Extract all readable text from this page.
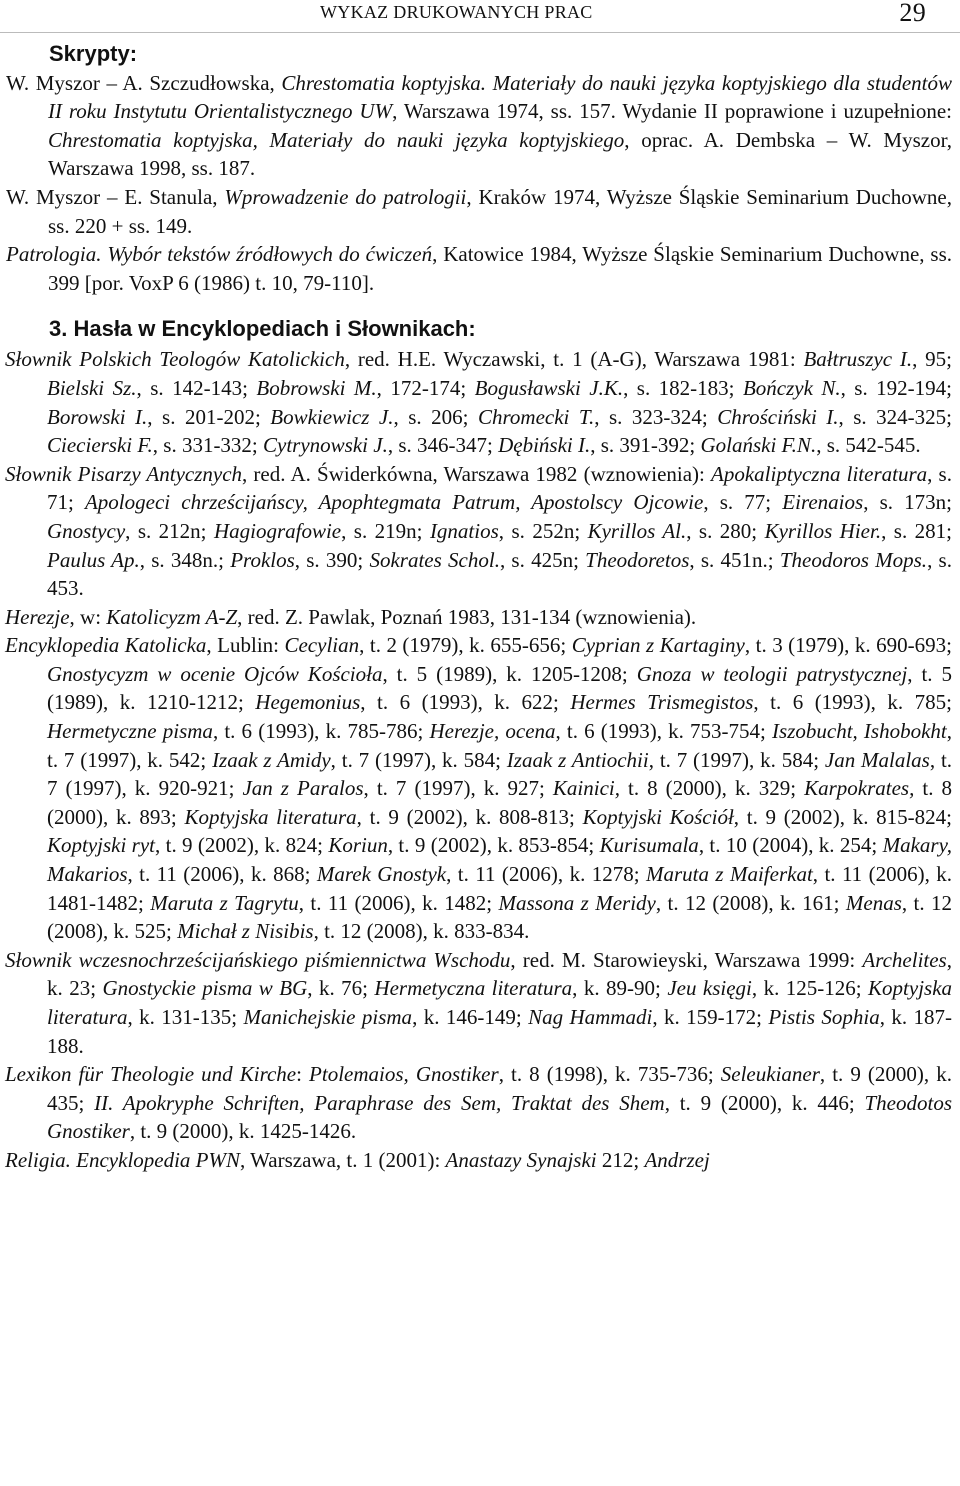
WYKAZ DRUKOWANYCH PRAC	29
Skrypty:

W. Myszor – A. Szczudłowska, Chrestomatia koptyjska. Materiały do nauki języka koptyjskiego dla studentów II roku Instytutu Orientalistycznego UW, Warszawa 1974, ss. 157. Wydanie II poprawione i uzupełnione: Chrestomatia koptyjska, Materiały do nauki języka koptyjskiego, oprac. A. Dembska – W. Myszor, Warszawa 1998, ss. 187.

W. Myszor – E. Stanula, Wprowadzenie do patrologii, Kraków 1974, Wyższe Śląskie Seminarium Duchowne, ss. 220 + ss. 149.

Patrologia. Wybór tekstów źródłowych do ćwiczeń, Katowice 1984, Wyższe Śląskie Seminarium Duchowne, ss. 399 [por. VoxP 6 (1986) t. 10, 79-110].

3. Hasła w Encyklopediach i Słownikach:

Słownik Polskich Teologów Katolickich, red. H.E. Wyczawski, t. 1 (A-G), Warszawa 1981: Bałtruszyc I., 95; Bielski Sz., s. 142-143; Bobrowski M., 172-174; Bogusławski J.K., s. 182-183; Bończyk N., s. 192-194; Borowski I., s. 201-202; Bowkiewicz J., s. 206; Chromecki T., s. 323-324; Chrościński I., s. 324-325; Ciecierski F., s. 331-332; Cytrynowski J., s. 346-347; Dębiński I., s. 391-392; Golański F.N., s. 542-545.

Słownik Pisarzy Antycznych, red. A. Świderkówna, Warszawa 1982 (wznowienia): Apokaliptyczna literatura, s. 71; Apologeci chrześcijańscy, Apophtegmata Patrum, Apostolscy Ojcowie, s. 77; Eirenaios, s. 173n; Gnostycy, s. 212n; Hagiografowie, s. 219n; Ignatios, s. 252n; Kyrillos Al., s. 280; Kyrillos Hier., s. 281; Paulus Ap., s. 348n.; Proklos, s. 390; Sokrates Schol., s. 425n; Theodoretos, s. 451n.; Theodoros Mops., s. 453.

Herezje, w: Katolicyzm A-Z, red. Z. Pawlak, Poznań 1983, 131-134 (wznowienia).

Encyklopedia Katolicka, Lublin: Cecylian, t. 2 (1979), k. 655-656; Cyprian z Kartaginy, t. 3 (1979), k. 690-693; Gnostycyzm w ocenie Ojców Kościoła, t. 5 (1989), k. 1205-1208; Gnoza w teologii patrystycznej, t. 5 (1989), k. 1210-1212; Hegemonius, t. 6 (1993), k. 622; Hermes Trismegistos, t. 6 (1993), k. 785; Hermetyczne pisma, t. 6 (1993), k. 785-786; Herezje, ocena, t. 6 (1993), k. 753-754; Iszobucht, Ishobokht, t. 7 (1997), k. 542; Izaak z Amidy, t. 7 (1997), k. 584; Izaak z Antiochii, t. 7 (1997), k. 584; Jan Malalas, t. 7 (1997), k. 920-921; Jan z Paralos, t. 7 (1997), k. 927; Kainici, t. 8 (2000), k. 329; Karpokrates, t. 8 (2000), k. 893; Koptyjska literatura, t. 9 (2002), k. 808-813; Koptyjski Kościół, t. 9 (2002), k. 815-824; Koptyjski ryt, t. 9 (2002), k. 824; Koriun, t. 9 (2002), k. 853-854; Kurisumala, t. 10 (2004), k. 254; Makary, Makarios, t. 11 (2006), k. 868; Marek Gnostyk, t. 11 (2006), k. 1278; Maruta z Maiferkat, t. 11 (2006), k. 1481-1482; Maruta z Tagrytu, t. 11 (2006), k. 1482; Massona z Meridy, t. 12 (2008), k. 161; Menas, t. 12 (2008), k. 525; Michał z Nisibis, t. 12 (2008), k. 833-834.

Słownik wczesnochrześcijańskiego piśmiennictwa Wschodu, red. M. Starowieyski, Warszawa 1999: Archelites, k. 23; Gnostyckie pisma w BG, k. 76; Hermetyczna literatura, k. 89-90; Jeu księgi, k. 125-126; Koptyjska literatura, k. 131-135; Manichejskie pisma, k. 146-149; Nag Hammadi, k. 159-172; Pistis Sophia, k. 187-188.

Lexikon für Theologie und Kirche: Ptolemaios, Gnostiker, t. 8 (1998), k. 735-736; Seleukianer, t. 9 (2000), k. 435; II. Apokryphe Schriften, Paraphrase des Sem, Traktat des Shem, t. 9 (2000), k. 446; Theodotos Gnostiker, t. 9 (2000), k. 1425-1426.

Religia. Encyklopedia PWN, Warszawa, t. 1 (2001): Anastazy Synajski 212; Andrzej
